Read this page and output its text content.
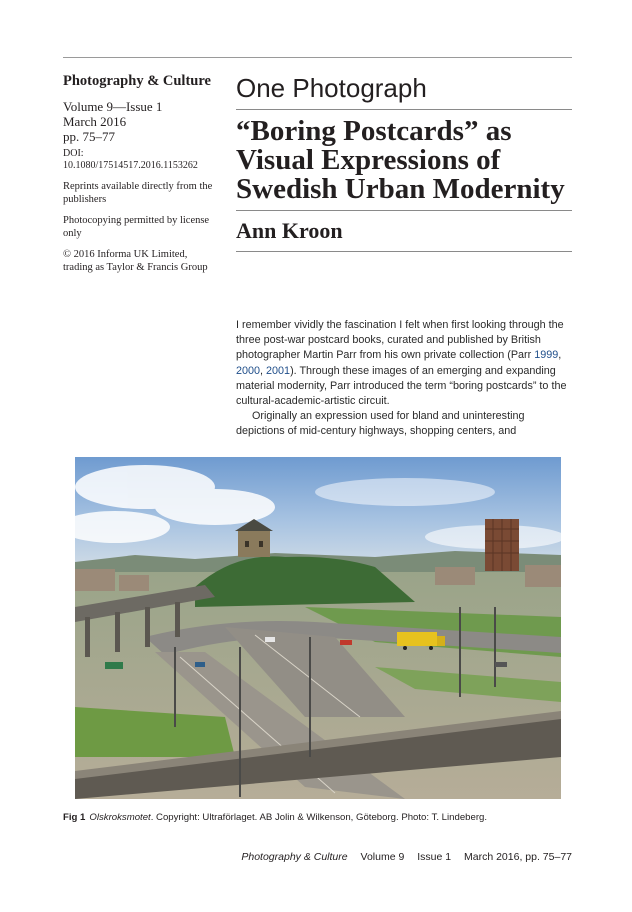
Photography & Culture
Volume 9—Issue 1
March 2016
pp. 75–77
DOI:
10.1080/17514517.2016.1153262
Reprints available directly from the publishers
Photocopying permitted by license only
© 2016 Informa UK Limited, trading as Taylor & Francis Group
One Photograph
“Boring Postcards” as Visual Expressions of Swedish Urban Modernity
Ann Kroon

I remember vividly the fascination I felt when first looking through the three post-war postcard books, curated and published by British photographer Martin Parr from his own private collection (Parr 1999, 2000, 2001). Through these images of an emerging and expanding material modernity, Parr introduced the term “boring postcards” to the cultural-academic-artistic circuit.

Originally an expression used for bland and uninteresting depictions of mid-century highways, shopping centers, and

Fig 1 Olskroksmotet. Copyright: Ultraförlaget. AB Jolin & Wilkenson, Göteborg. Photo: T. Lindeberg.
Photography & Culture Volume 9 Issue 1 March 2016, pp. 75–77
